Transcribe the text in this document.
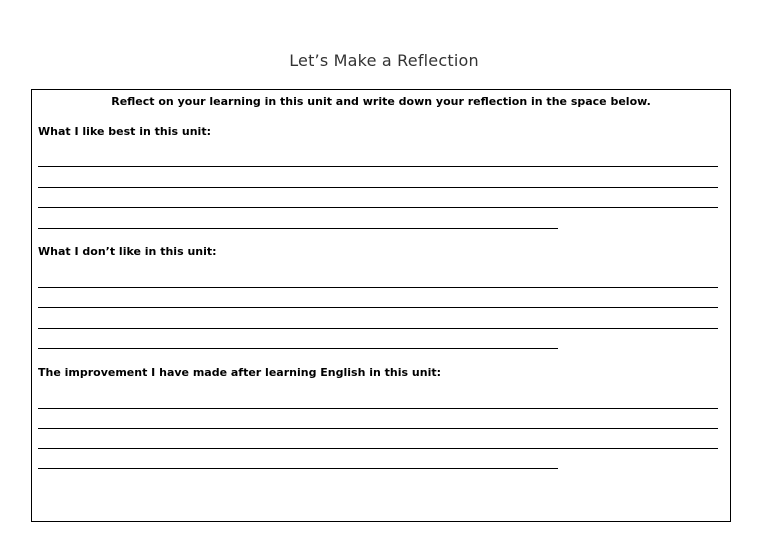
Let’s Make a Reflection
Reflect on your learning in this unit and write down your reflection in the space below.
What I like best in this unit:
What I don’t like in this unit:
The improvement I have made after learning English in this unit:
